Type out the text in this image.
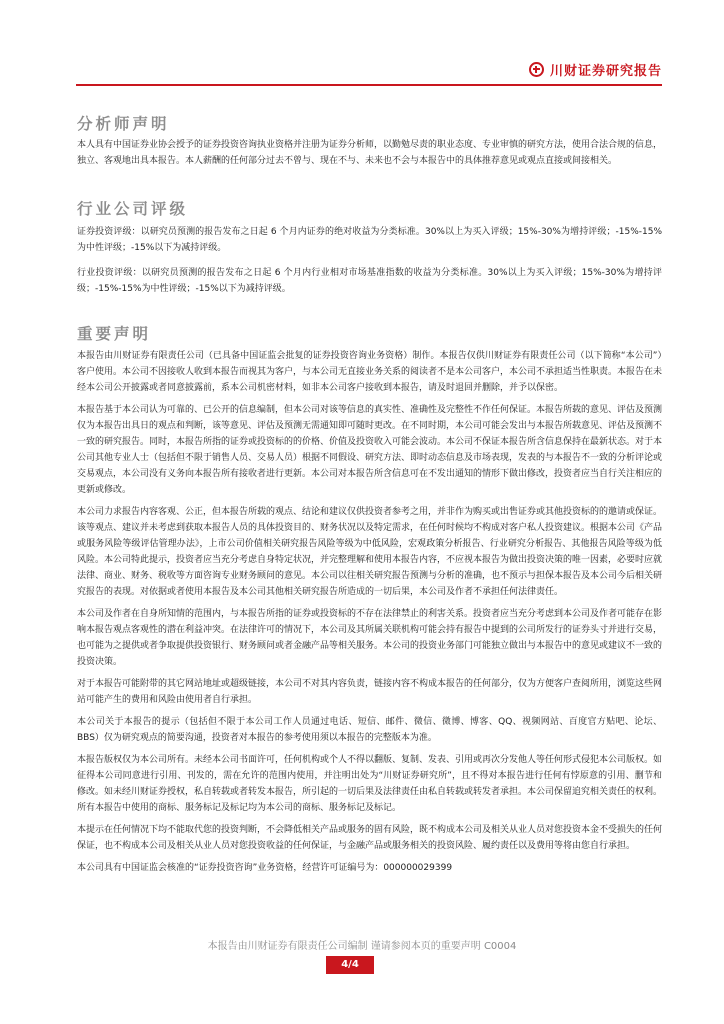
川财证券研究报告
分析师声明

本人具有中国证券业协会授予的证券投资咨询执业资格并注册为证券分析师，以勤勉尽责的职业态度、专业审慎的研究方法，使用合法合规的信息，独立、客观地出具本报告。本人薪酬的任何部分过去不曾与、现在不与、未来也不会与本报告中的具体推荐意见或观点直接或间接相关。

行业公司评级

证券投资评级：以研究员预测的报告发布之日起 6 个月内证券的绝对收益为分类标准。30%以上为买入评级；15%-30%为增持评级；-15%-15%为中性评级；-15%以下为减持评级。

行业投资评级：以研究员预测的报告发布之日起 6 个月内行业相对市场基准指数的收益为分类标准。30%以上为买入评级；15%-30%为增持评级；-15%-15%为中性评级；-15%以下为减持评级。

重要声明

本报告由川财证券有限责任公司（已具备中国证监会批复的证券投资咨询业务资格）制作。本报告仅供川财证券有限责任公司（以下简称“本公司”）客户使用。本公司不因接收人收到本报告而视其为客户，与本公司无直接业务关系的阅读者不是本公司客户，本公司不承担适当性职责。本报告在未经本公司公开披露或者同意披露前，系本公司机密材料，如非本公司客户接收到本报告，请及时退回并删除，并予以保密。

本报告基于本公司认为可靠的、已公开的信息编制，但本公司对该等信息的真实性、准确性及完整性不作任何保证。本报告所载的意见、评估及预测仅为本报告出具日的观点和判断，该等意见、评估及预测无需通知即可随时更改。在不同时期，本公司可能会发出与本报告所载意见、评估及预测不一致的研究报告。同时，本报告所指的证券或投资标的的价格、价值及投资收入可能会波动。本公司不保证本报告所含信息保持在最新状态。对于本公司其他专业人士（包括但不限于销售人员、交易人员）根据不同假设、研究方法、即时动态信息及市场表现，发表的与本报告不一致的分析评论或交易观点，本公司没有义务向本报告所有接收者进行更新。本公司对本报告所含信息可在不发出通知的情形下做出修改，投资者应当自行关注相应的更新或修改。

本公司力求报告内容客观、公正，但本报告所载的观点、结论和建议仅供投资者参考之用，并非作为购买或出售证券或其他投资标的的邀请或保证。该等观点、建议并未考虑到获取本报告人员的具体投资目的、财务状况以及特定需求，在任何时候均不构成对客户私人投资建议。根据本公司《产品或服务风险等级评估管理办法》，上市公司价值相关研究报告风险等级为中低风险，宏观政策分析报告、行业研究分析报告、其他报告风险等级为低风险。本公司特此提示，投资者应当充分考虑自身特定状况，并完整理解和使用本报告内容，不应视本报告为做出投资决策的唯一因素，必要时应就法律、商业、财务、税收等方面咨询专业财务顾问的意见。本公司以往相关研究报告预测与分析的准确，也不预示与担保本报告及本公司今后相关研究报告的表现。对依据或者使用本报告及本公司其他相关研究报告所造成的一切后果，本公司及作者不承担任何法律责任。

本公司及作者在自身所知情的范围内，与本报告所指的证券或投资标的不存在法律禁止的利害关系。投资者应当充分考虑到本公司及作者可能存在影响本报告观点客观性的潜在利益冲突。在法律许可的情况下，本公司及其所属关联机构可能会持有报告中提到的公司所发行的证券头寸并进行交易，也可能为之提供或者争取提供投资银行、财务顾问或者金融产品等相关服务。本公司的投资业务部门可能独立做出与本报告中的意见或建议不一致的投资决策。

对于本报告可能附带的其它网站地址或超级链接，本公司不对其内容负责，链接内容不构成本报告的任何部分，仅为方便客户查阅所用，浏览这些网站可能产生的费用和风险由使用者自行承担。

本公司关于本报告的提示（包括但不限于本公司工作人员通过电话、短信、邮件、微信、微博、博客、QQ、视频网站、百度官方贴吧、论坛、BBS）仅为研究观点的简要沟通，投资者对本报告的参考使用须以本报告的完整版本为准。

本报告版权仅为本公司所有。未经本公司书面许可，任何机构或个人不得以翻版、复制、发表、引用或再次分发他人等任何形式侵犯本公司版权。如征得本公司同意进行引用、刊发的，需在允许的范围内使用，并注明出处为“川财证券研究所”，且不得对本报告进行任何有悖原意的引用、删节和修改。如未经川财证券授权，私自转载或者转发本报告，所引起的一切后果及法律责任由私自转载或转发者承担。本公司保留追究相关责任的权利。所有本报告中使用的商标、服务标记及标记均为本公司的商标、服务标记及标记。

本提示在任何情况下均不能取代您的投资判断，不会降低相关产品或服务的固有风险，既不构成本公司及相关从业人员对您投资本金不受损失的任何保证，也不构成本公司及相关从业人员对您投资收益的任何保证，与金融产品或服务相关的投资风险、履约责任以及费用等将由您自行承担。

本公司具有中国证监会核准的“证券投资咨询”业务资格，经营许可证编号为：000000029399

本报告由川财证券有限责任公司编制 谨请参阅本页的重要声明 C0004
4/4
